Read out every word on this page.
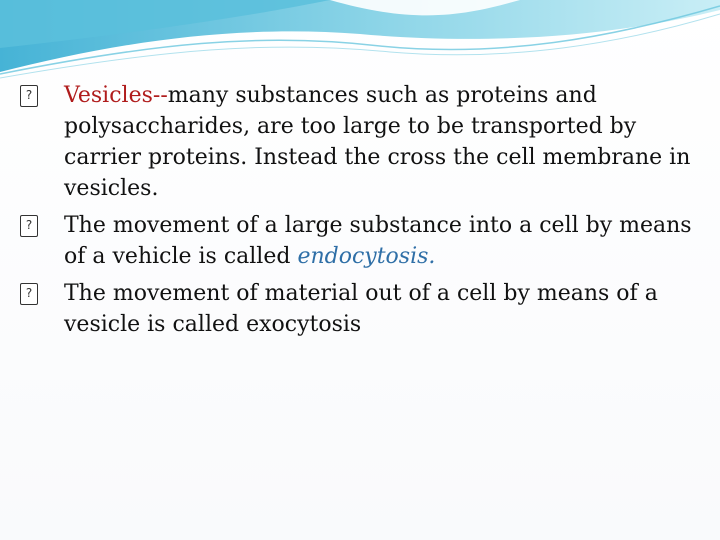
? Vesicles--many substances such as proteins and polysaccharides, are too large to be transported by carrier proteins. Instead the cross the cell membrane in vesicles.

? The movement of a large substance into a cell by means of a vehicle is called endocytosis.

? The movement of material out of a cell by means of a vesicle is called exocytosis
